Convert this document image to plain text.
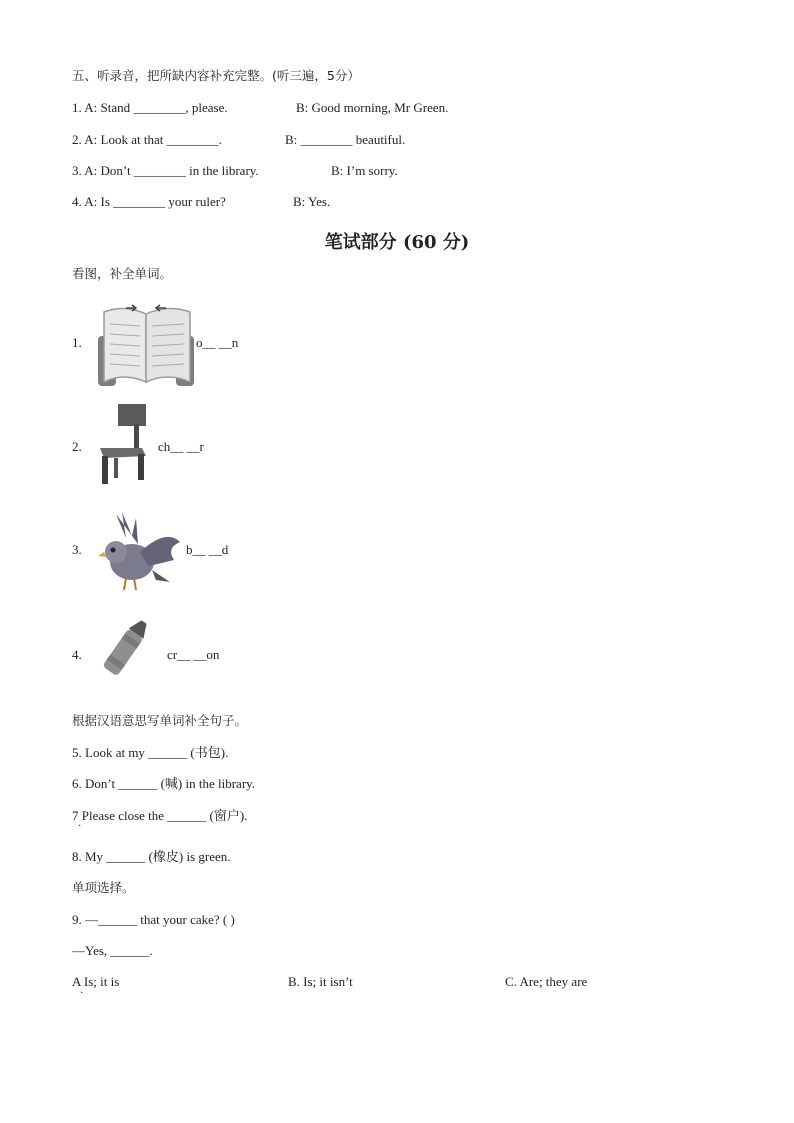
五、听录音，把所缺内容补充完整。(听三遍，5分）
1. A: Stand ________, please.	B: Good morning, Mr Green.
2. A: Look at that ________.	B: ________ beautiful.
3. A: Don’t ________ in the library.	B: I’m sorry.
4. A: Is ________ your ruler?	B: Yes.
笔试部分 (60 分)
看图，补全单词。
1.	o__ __n
2.	ch__ __r
3.	b__ __d
4.	cr__ __on
根据汉语意思写单词补全句子。
5. Look at my ______ (书包).
6. Don’t ______ (喊) in the library.
7 Please close the ______ (窗户).
·
8. My ______ (橡皮) is green.
单项选择。
9. —______ that your cake? ( )
—Yes, ______.
A Is; it is	B. Is; it isn’t	C. Are; they are
·
